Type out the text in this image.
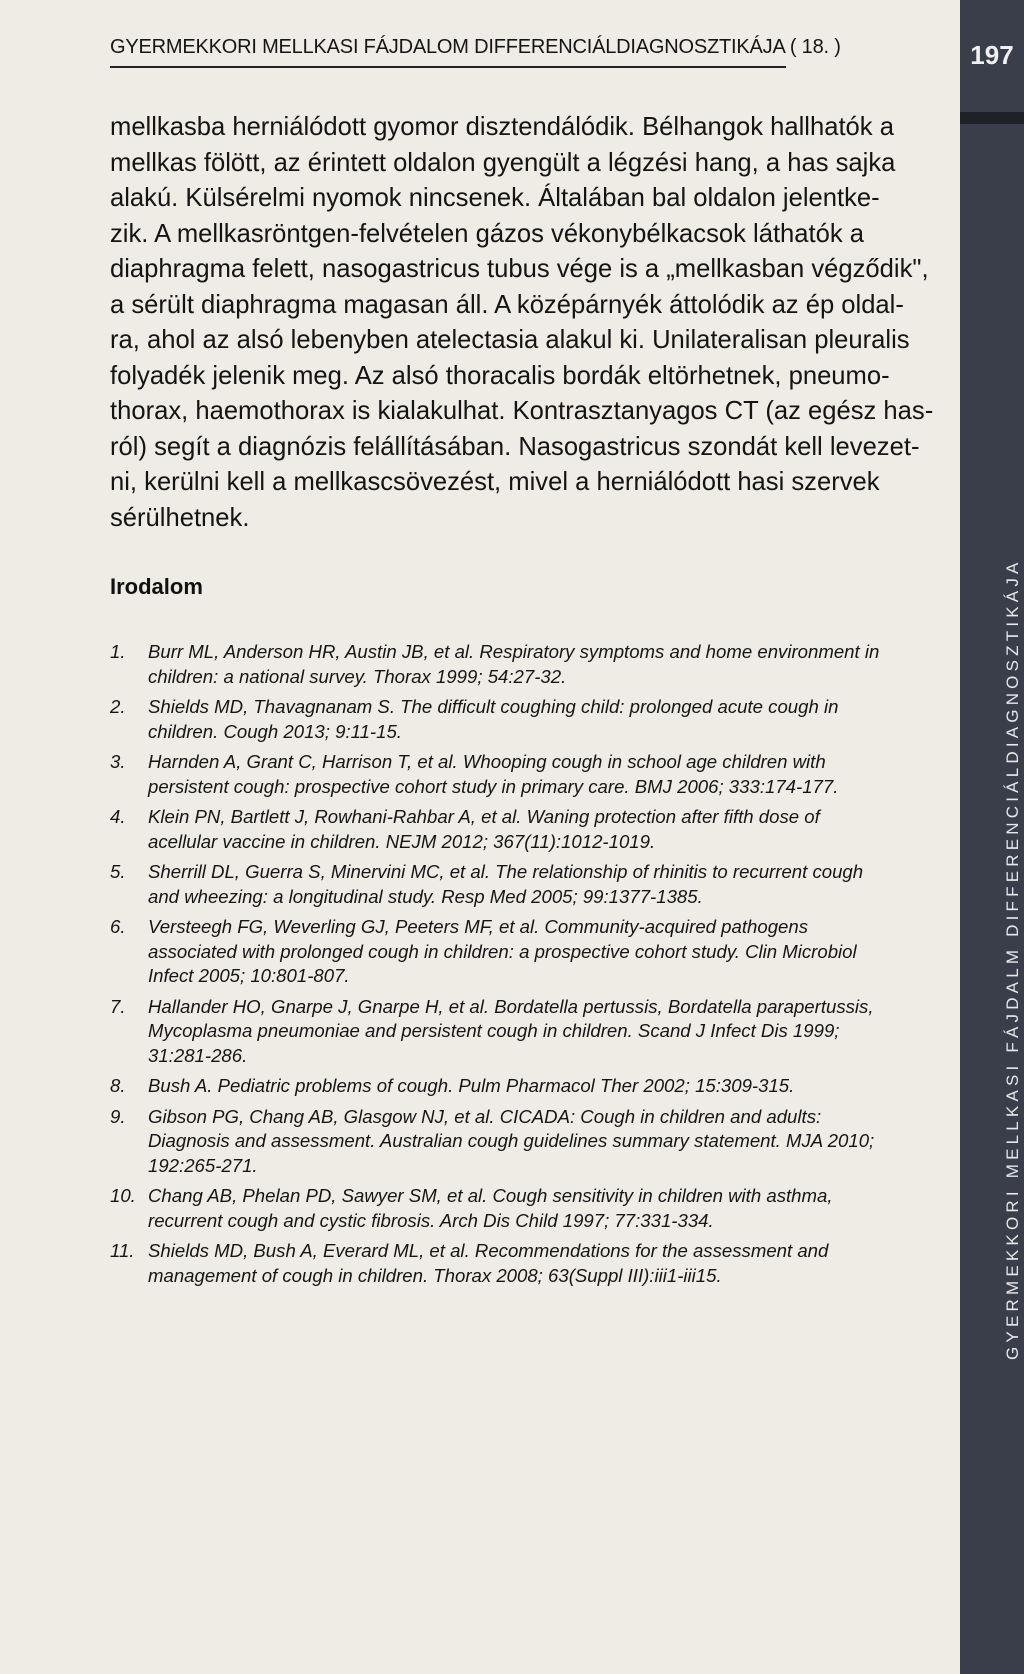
GYERMEKKORI MELLKASI FÁJDALOM DIFFERENCIÁLDIAGNOSZTIKÁJA ( 18. )	197
GYERMEKKORI MELLKASI FÁJDALM DIFFERENCIÁLDIAGNOSZTIKÁJA
mellkasba herniálódott gyomor disztendálódik. Bélhangok hallhatók a
mellkas fölött, az érintett oldalon gyengült a légzési hang, a has sajka
alakú. Külsérelmi nyomok nincsenek. Általában bal oldalon jelentke-
zik. A mellkasröntgen-felvételen gázos vékonybélkacsok láthatók a
diaphragma felett, nasogastricus tubus vége is a „mellkasban végződik",
a sérült diaphragma magasan áll. A középárnyék áttolódik az ép oldal-
ra, ahol az alsó lebenyben atelectasia alakul ki. Unilateralisan pleuralis
folyadék jelenik meg. Az alsó thoracalis bordák eltörhetnek, pneumo-
thorax, haemothorax is kialakulhat. Kontrasztanyagos CT (az egész has-
ról) segít a diagnózis felállításában. Nasogastricus szondát kell levezet-
ni, kerülni kell a mellkascsövezést, mivel a herniálódott hasi szervek
sérülhetnek.
Irodalom
1.	Burr ML, Anderson HR, Austin JB, et al. Respiratory symptoms and home environment in
children: a national survey. Thorax 1999; 54:27-32.
2.	Shields MD, Thavagnanam S. The difficult coughing child: prolonged acute cough in
children. Cough 2013; 9:11-15.
3.	Harnden A, Grant C, Harrison T, et al. Whooping cough in school age children with
persistent cough: prospective cohort study in primary care. BMJ 2006; 333:174-177.
4.	Klein PN, Bartlett J, Rowhani-Rahbar A, et al. Waning protection after fifth dose of
acellular vaccine in children. NEJM 2012; 367(11):1012-1019.
5.	Sherrill DL, Guerra S, Minervini MC, et al. The relationship of rhinitis to recurrent cough
and wheezing: a longitudinal study. Resp Med 2005; 99:1377-1385.
6.	Versteegh FG, Weverling GJ, Peeters MF, et al. Community-acquired pathogens
associated with prolonged cough in children: a prospective cohort study. Clin Microbiol
Infect 2005; 10:801-807.
7.	Hallander HO, Gnarpe J, Gnarpe H, et al. Bordatella pertussis, Bordatella parapertussis,
Mycoplasma pneumoniae and persistent cough in children. Scand J Infect Dis 1999;
31:281-286.
8.	Bush A. Pediatric problems of cough. Pulm Pharmacol Ther 2002; 15:309-315.
9.	Gibson PG, Chang AB, Glasgow NJ, et al. CICADA: Cough in children and adults:
Diagnosis and assessment. Australian cough guidelines summary statement. MJA 2010;
192:265-271.
10. Chang AB, Phelan PD, Sawyer SM, et al. Cough sensitivity in children with asthma,
recurrent cough and cystic fibrosis. Arch Dis Child 1997; 77:331-334.
11. Shields MD, Bush A, Everard ML, et al. Recommendations for the assessment and
management of cough in children. Thorax 2008; 63(Suppl III):iii1-iii15.
